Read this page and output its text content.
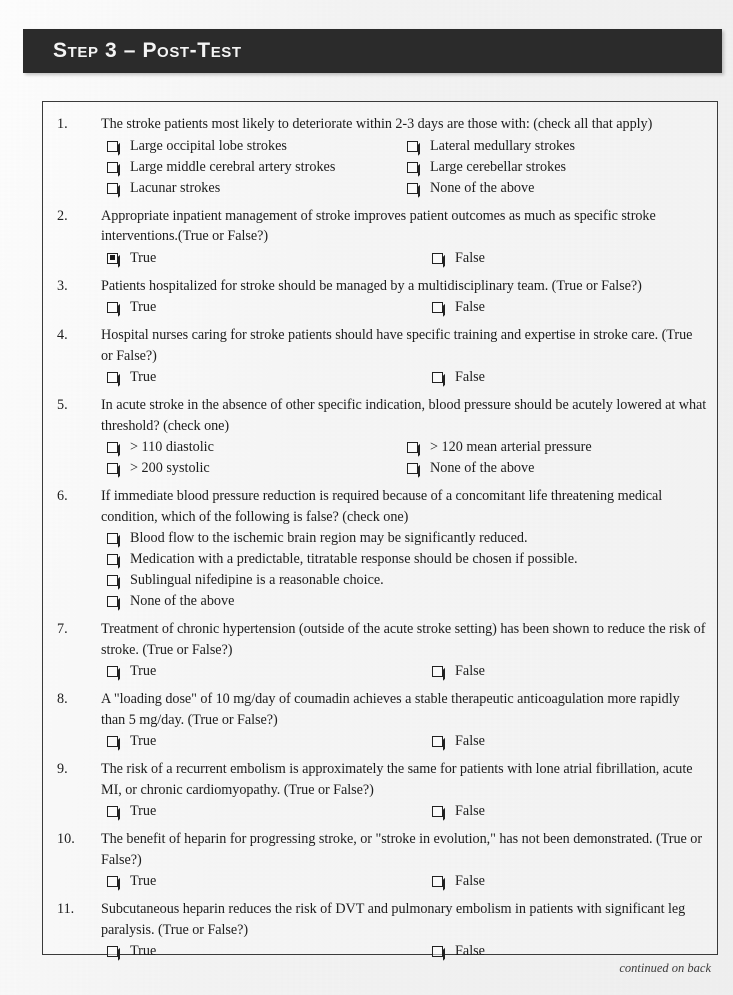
Step 3 – Post-Test
1.	The stroke patients most likely to deteriorate within 2-3 days are those with: (check all that apply)
Large occipital lobe strokes	Lateral medullary strokes
Large middle cerebral artery strokes	Large cerebellar strokes
Lacunar strokes	None of the above
2.	Appropriate inpatient management of stroke improves patient outcomes as much as specific stroke interventions.(True or False?)
True	False
3.	Patients hospitalized for stroke should be managed by a multidisciplinary team. (True or False?)
True	False
4.	Hospital nurses caring for stroke patients should have specific training and expertise in stroke care. (True or False?)
True	False
5.	In acute stroke in the absence of other specific indication, blood pressure should be acutely lowered at what threshold? (check one)
> 110 diastolic	> 120 mean arterial pressure
> 200 systolic	None of the above
6.	If immediate blood pressure reduction is required because of a concomitant life threatening medical condition, which of the following is false? (check one)
Blood flow to the ischemic brain region may be significantly reduced.
Medication with a predictable, titratable response should be chosen if possible.
Sublingual nifedipine is a reasonable choice.
None of the above
7.	Treatment of chronic hypertension (outside of the acute stroke setting) has been shown to reduce the risk of stroke. (True or False?)
True	False
8.	A "loading dose" of 10 mg/day of coumadin achieves a stable therapeutic anticoagulation more rapidly than 5 mg/day. (True or False?)
True	False
9.	The risk of a recurrent embolism is approximately the same for patients with lone atrial fibrillation, acute MI, or chronic cardiomyopathy. (True or False?)
True	False
10.	The benefit of heparin for progressing stroke, or "stroke in evolution," has not been demonstrated. (True or False?)
True	False
11.	Subcutaneous heparin reduces the risk of DVT and pulmonary embolism in patients with significant leg paralysis. (True or False?)
True	False
continued on back
